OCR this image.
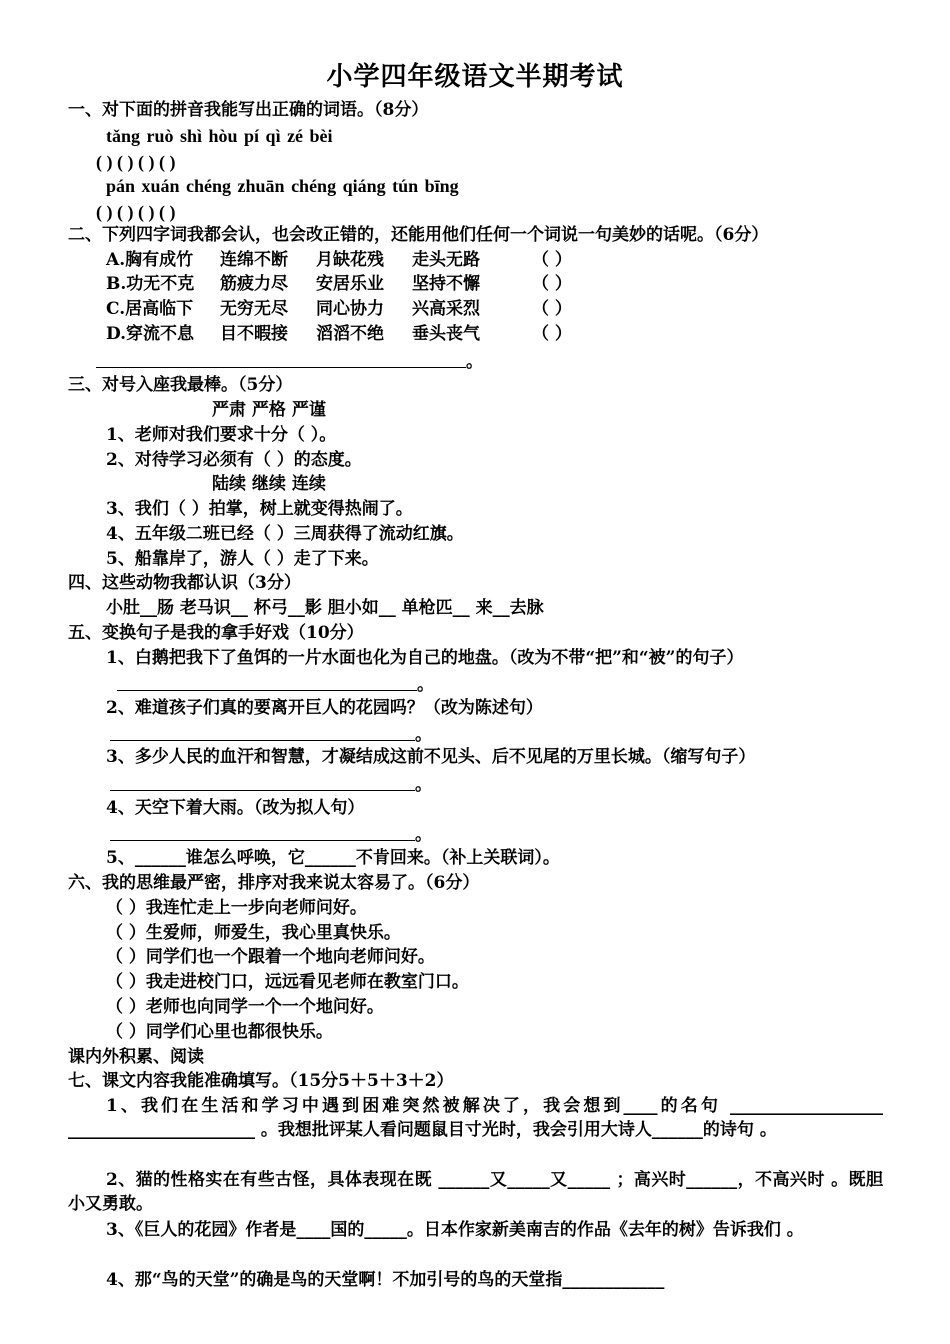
小学四年级语文半期考试
一、对下面的拼音我能写出正确的词语。（8分）
tǎng ruò shì hòu pí qì zé bèi
( ) ( ) ( ) ( )
pán xuán chéng zhuān chéng qiáng tún bīng
( ) ( ) ( ) ( )
二、下列四字词我都会认，也会改正错的，还能用他们任何一个词说一句美妙的话呢。（6分）
A.胸有成竹 连绵不断 月缺花残 走头无路	（ ）
B.功无不克 筋疲力尽 安居乐业 坚持不懈	（ ）
C.居高临下 无穷无尽 同心协力 兴高采烈	（ ）
D.穿流不息 目不暇接 滔滔不绝 垂头丧气	（ ）
。
三、对号入座我最棒。（5分）
严肃 严格 严谨
1、老师对我们要求十分（ ）。
2、对待学习必须有（ ）的态度。
陆续 继续 连续
3、我们（ ）拍掌，树上就变得热闹了。
4、五年级二班已经（ ）三周获得了流动红旗。
5、船靠岸了，游人（ ）走了下来。
四、这些动物我都认识（3分）
小肚__肠 老马识__ 杯弓__影 胆小如__ 单枪匹__ 来__去脉
五、变换句子是我的拿手好戏（10分）
1、白鹅把我下了鱼饵的一片水面也化为自己的地盘。（改为不带“把”和“被”的句子）
。
2、难道孩子们真的要离开巨人的花园吗？（改为陈述句）
。
3、多少人民的血汗和智慧，才凝结成这前不见头、后不见尾的万里长城。（缩写句子）
。
4、天空下着大雨。（改为拟人句）
。
5、______谁怎么呼唤，它______不肯回来。（补上关联词）。
六、我的思维最严密，排序对我来说太容易了。（6分）
（ ）我连忙走上一步向老师问好。
（ ）生爱师，师爱生，我心里真快乐。
（ ）同学们也一个跟着一个地向老师问好。
（ ）我走进校门口，远远看见老师在教室门口。
（ ）老师也向同学一个一个地问好。
（ ）同学们心里也都很快乐。
课内外积累、阅读
七、课文内容我能准确填写。（15分5＋5＋3＋2）
1、我们在生活和学习中遇到困难突然被解决了，我会想到____的名句 __________________ ______________________ 。我想批评某人看问题鼠目寸光时，我会引用大诗人______的诗句 。
2、猫的性格实在有些古怪，具体表现在既 ______又_____又_____ ；高兴时______，不高兴时 。既胆小又勇敢。
3、《巨人的花园》作者是____国的_____。日本作家新美南吉的作品《去年的树》告诉我们 。
4、那“鸟的天堂”的确是鸟的天堂啊！不加引号的鸟的天堂指____________
